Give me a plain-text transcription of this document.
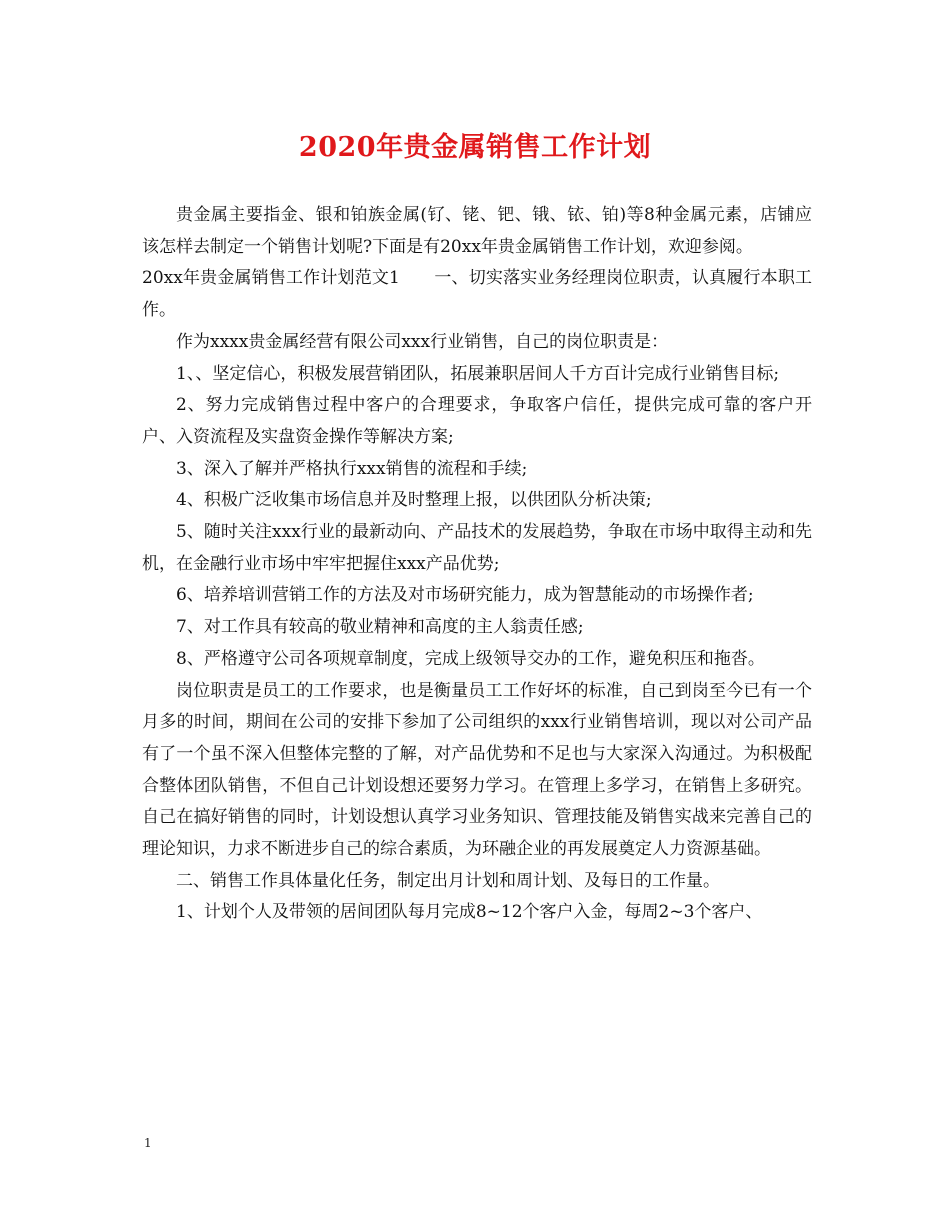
2020年贵金属销售工作计划

贵金属主要指金、银和铂族金属(钌、铑、钯、锇、铱、铂)等8种金属元素，店铺应该怎样去制定一个销售计划呢?下面是有20xx年贵金属销售工作计划，欢迎参阅。

20xx年贵金属销售工作计划范文1　　一、切实落实业务经理岗位职责，认真履行本职工作。

作为xxxx贵金属经营有限公司xxx行业销售，自己的岗位职责是：

1、、坚定信心，积极发展营销团队，拓展兼职居间人千方百计完成行业销售目标;

2、努力完成销售过程中客户的合理要求，争取客户信任，提供完成可靠的客户开户、入资流程及实盘资金操作等解决方案;

3、深入了解并严格执行xxx销售的流程和手续;

4、积极广泛收集市场信息并及时整理上报，以供团队分析决策;

5、随时关注xxx行业的最新动向、产品技术的发展趋势，争取在市场中取得主动和先机，在金融行业市场中牢牢把握住xxx产品优势;

6、培养培训营销工作的方法及对市场研究能力，成为智慧能动的市场操作者;

7、对工作具有较高的敬业精神和高度的主人翁责任感;

8、严格遵守公司各项规章制度，完成上级领导交办的工作，避免积压和拖沓。

岗位职责是员工的工作要求，也是衡量员工工作好坏的标准，自己到岗至今已有一个月多的时间，期间在公司的安排下参加了公司组织的xxx行业销售培训，现以对公司产品有了一个虽不深入但整体完整的了解，对产品优势和不足也与大家深入沟通过。为积极配合整体团队销售，不但自己计划设想还要努力学习。在管理上多学习，在销售上多研究。自己在搞好销售的同时，计划设想认真学习业务知识、管理技能及销售实战来完善自己的理论知识，力求不断进步自己的综合素质，为环融企业的再发展奠定人力资源基础。

二、销售工作具体量化任务，制定出月计划和周计划、及每日的工作量。

1、计划个人及带领的居间团队每月完成8~12个客户入金，每周2~3个客户、

1
